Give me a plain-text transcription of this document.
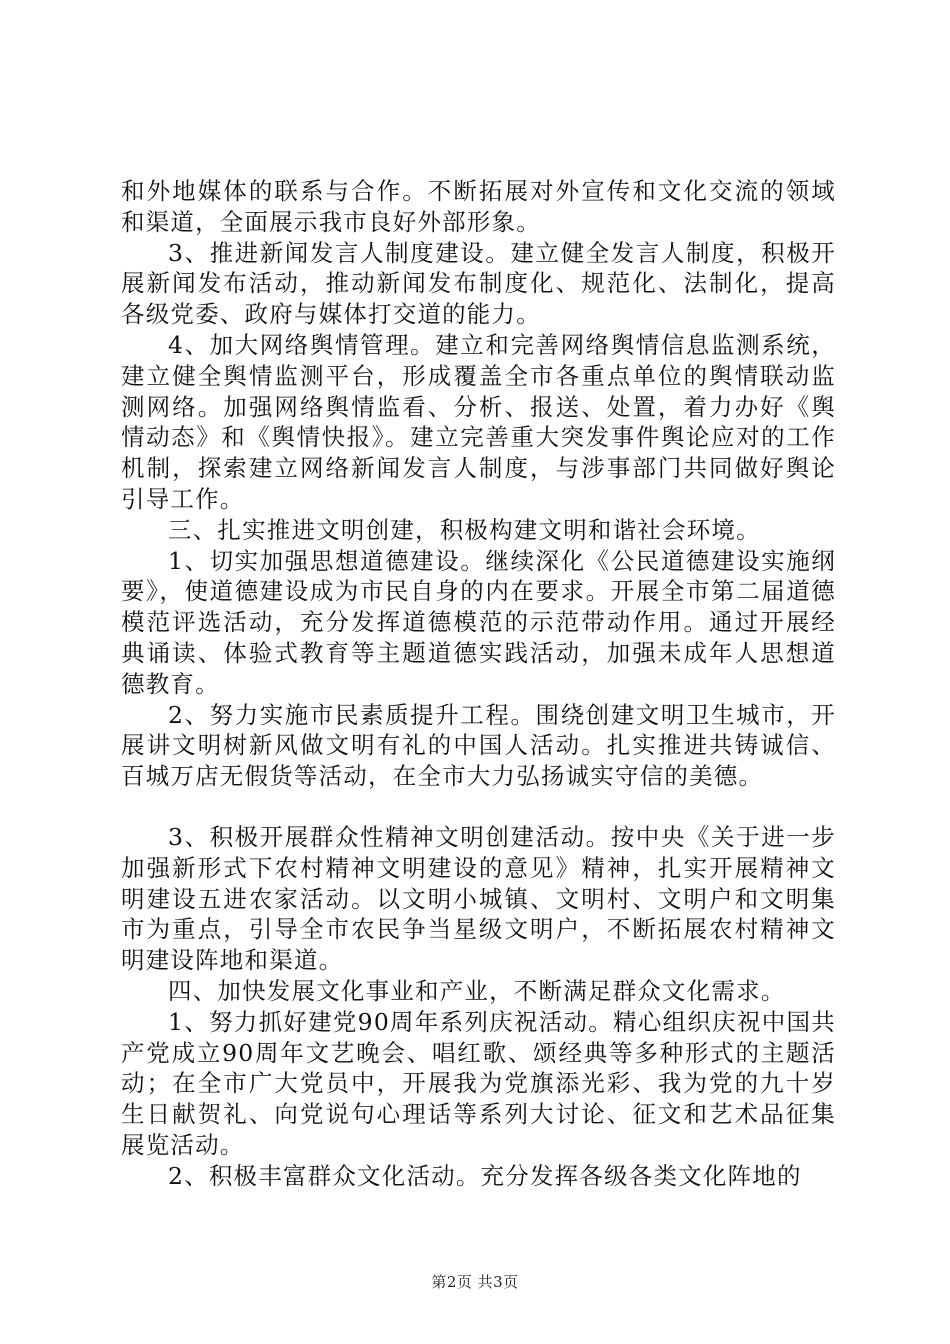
和外地媒体的联系与合作。不断拓展对外宣传和文化交流的领域和渠道，全面展示我市良好外部形象。

3、推进新闻发言人制度建设。建立健全发言人制度，积极开展新闻发布活动，推动新闻发布制度化、规范化、法制化，提高各级党委、政府与媒体打交道的能力。

4、加大网络舆情管理。建立和完善网络舆情信息监测系统，建立健全舆情监测平台，形成覆盖全市各重点单位的舆情联动监测网络。加强网络舆情监看、分析、报送、处置，着力办好《舆情动态》和《舆情快报》。建立完善重大突发事件舆论应对的工作机制，探索建立网络新闻发言人制度，与涉事部门共同做好舆论引导工作。

三、扎实推进文明创建，积极构建文明和谐社会环境。

1、切实加强思想道德建设。继续深化《公民道德建设实施纲要》，使道德建设成为市民自身的内在要求。开展全市第二届道德模范评选活动，充分发挥道德模范的示范带动作用。通过开展经典诵读、体验式教育等主题道德实践活动，加强未成年人思想道德教育。

2、努力实施市民素质提升工程。围绕创建文明卫生城市，开展讲文明树新风做文明有礼的中国人活动。扎实推进共铸诚信、百城万店无假货等活动，在全市大力弘扬诚实守信的美德。

3、积极开展群众性精神文明创建活动。按中央《关于进一步加强新形式下农村精神文明建设的意见》精神，扎实开展精神文明建设五进农家活动。以文明小城镇、文明村、文明户和文明集市为重点，引导全市农民争当星级文明户，不断拓展农村精神文明建设阵地和渠道。

四、加快发展文化事业和产业，不断满足群众文化需求。

1、努力抓好建党90周年系列庆祝活动。精心组织庆祝中国共产党成立90周年文艺晚会、唱红歌、颂经典等多种形式的主题活动；在全市广大党员中，开展我为党旗添光彩、我为党的九十岁生日献贺礼、向党说句心理话等系列大讨论、征文和艺术品征集展览活动。

2、积极丰富群众文化活动。充分发挥各级各类文化阵地的

第2页 共3页
